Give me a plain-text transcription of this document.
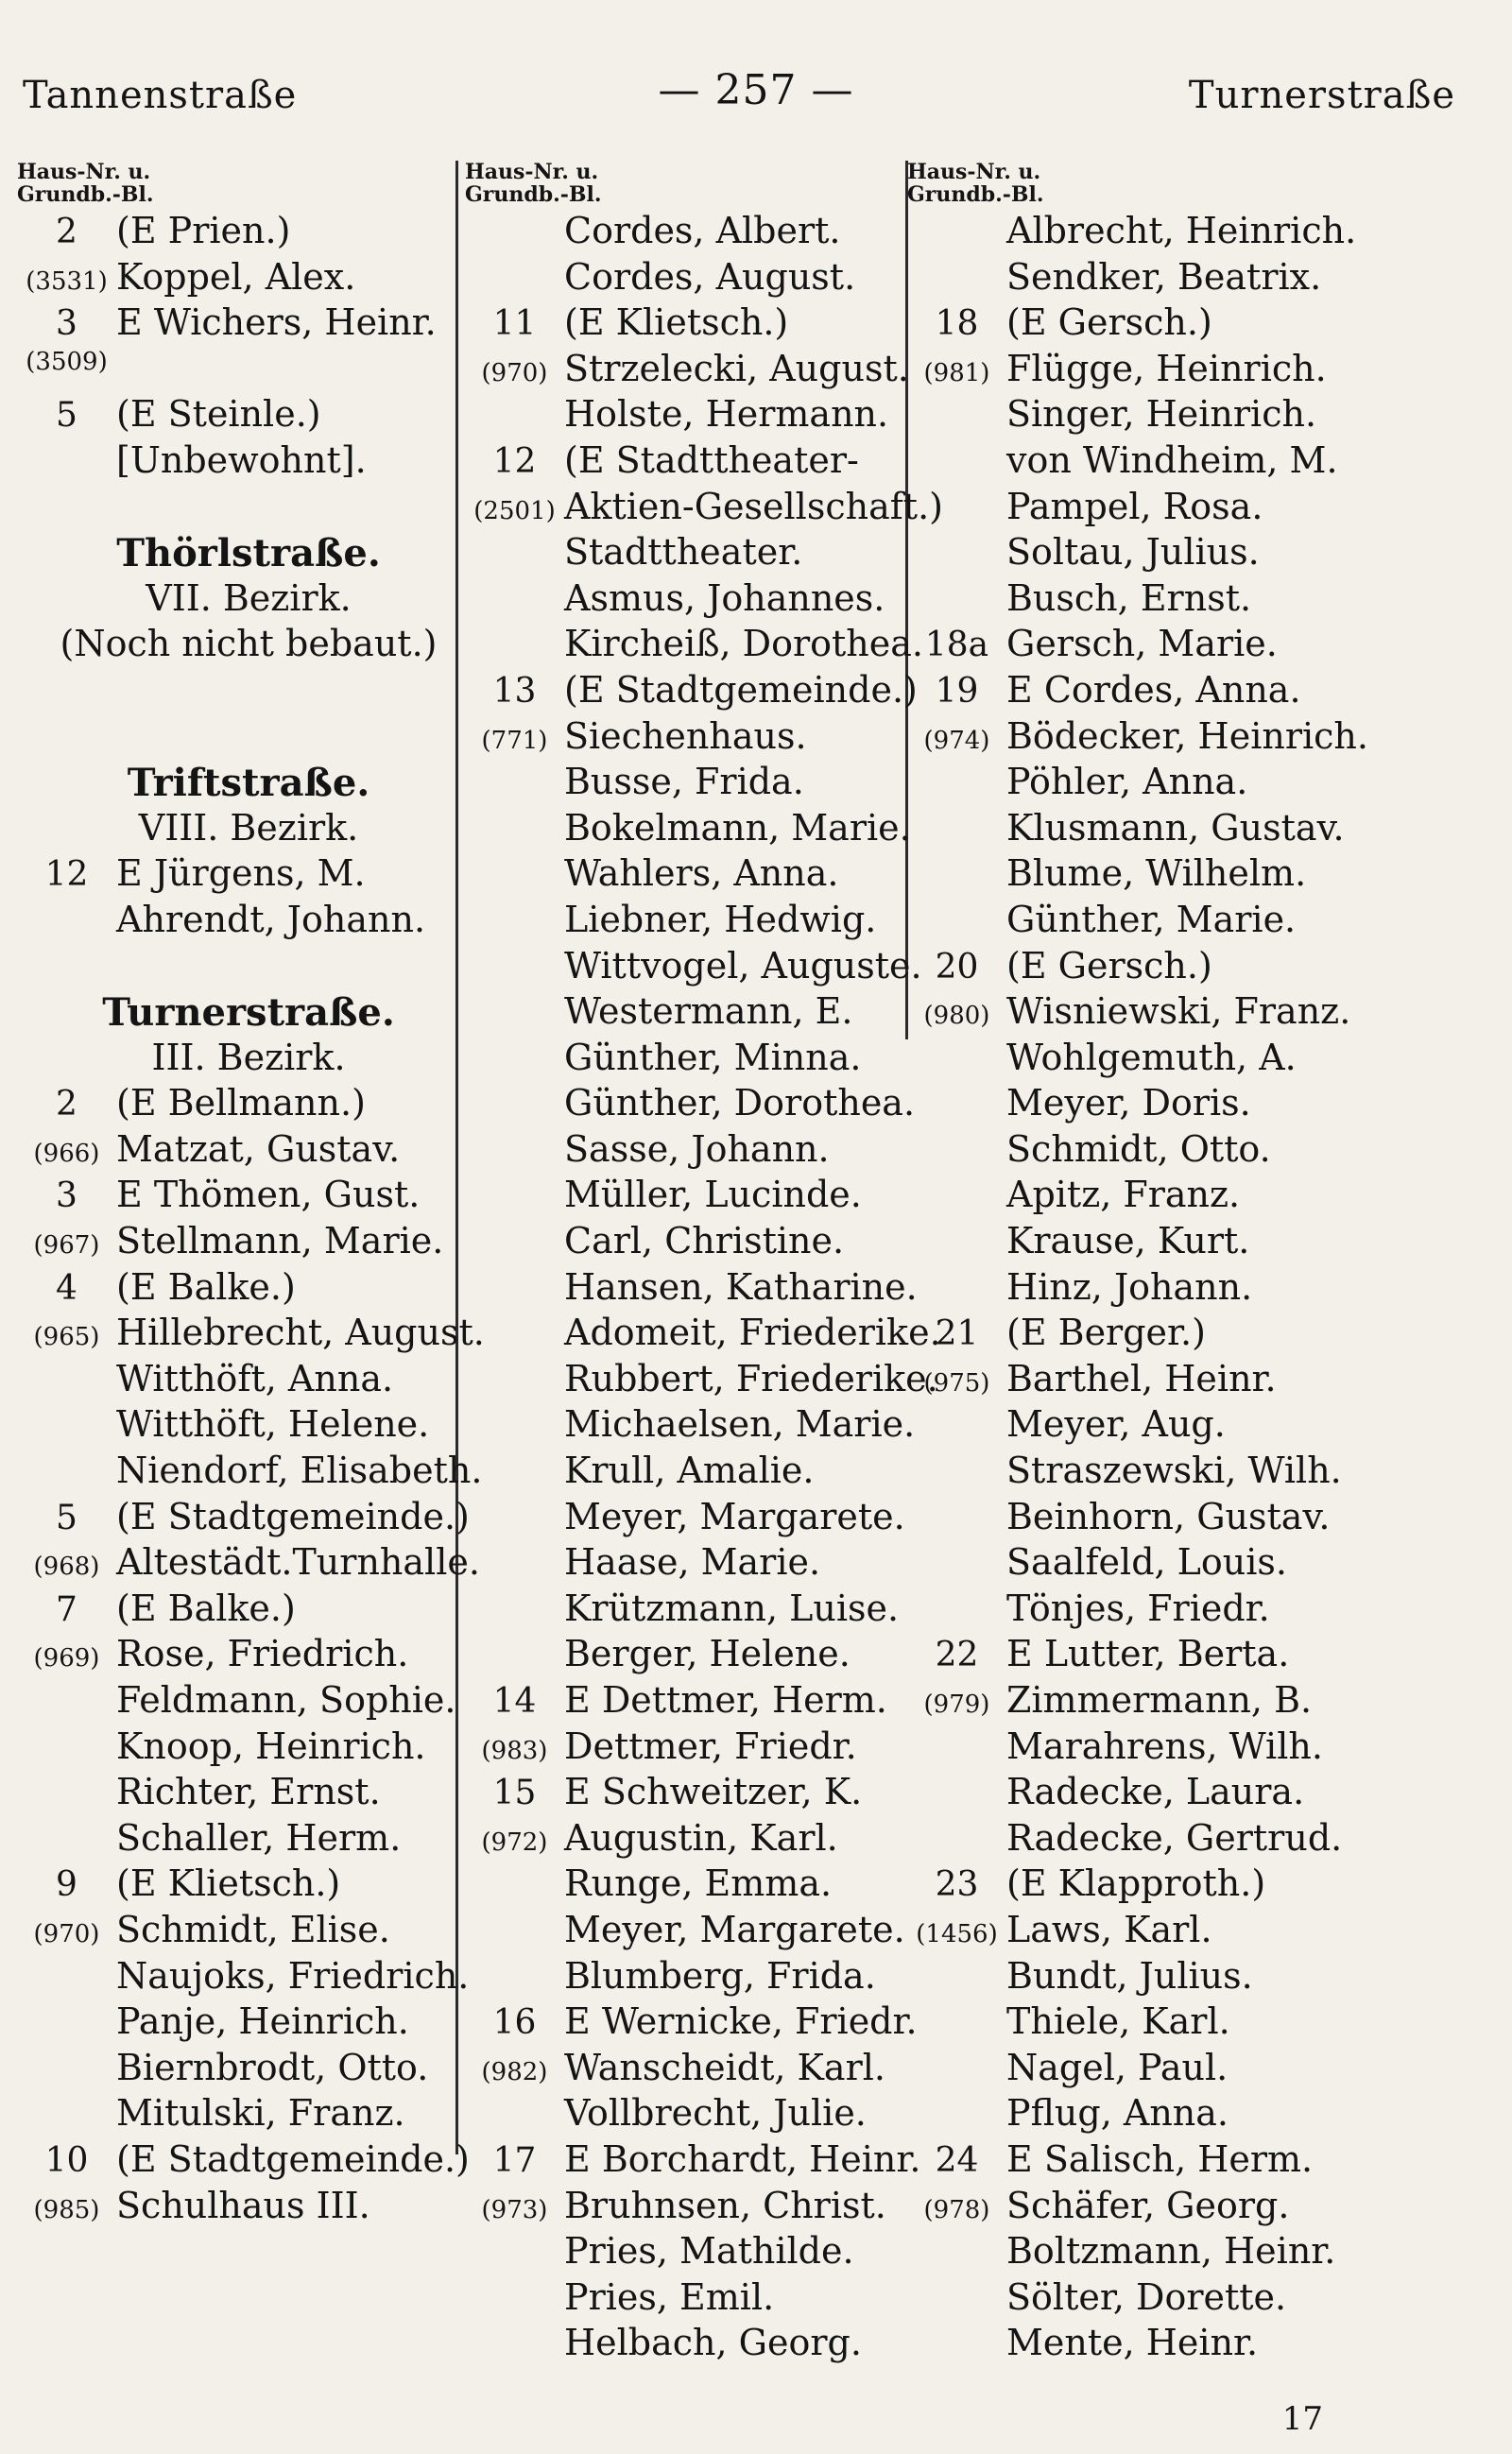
Tannenstraße	— 257 —	Turnerstraße
Haus-Nr. u.
Grundb.-Bl.
2	(E Prien.)
(3531) Koppel, Alex.
3	E Wichers, Heinr.
(3509)
5	(E Steinle.)
[Unbewohnt].
Thörlstraße.
VII. Bezirk.
(Noch nicht bebaut.)
Triftstraße.
VIII. Bezirk.
12 E Jürgens, M.
Ahrendt, Johann.
Turnerstraße.
III. Bezirk.
2	(E Bellmann.)
(966) Matzat, Gustav.
3	E Thömen, Gust.
(967) Stellmann, Marie.
4	(E Balke.)
(965) Hillebrecht, August.
Witthöft, Anna.
Witthöft, Helene.
Niendorf, Elisabeth.
5	(E Stadtgemeinde.)
(968) Altestädt.Turnhalle.
7	(E Balke.)
(969) Rose, Friedrich.
Feldmann, Sophie.
Knoop, Heinrich.
Richter, Ernst.
Schaller, Herm.
9	(E Klietsch.)
(970) Schmidt, Elise.
Naujoks, Friedrich.
Panje, Heinrich.
Biernbrodt, Otto.
Mitulski, Franz.
10 (E Stadtgemeinde.)
(985) Schulhaus III.
Haus-Nr. u.
Grundb.-Bl.
Cordes, Albert.
Cordes, August.
11 (E Klietsch.)
(970) Strzelecki, August.
Holste, Hermann.
12 (E Stadttheater-
(2501) Aktien-Gesellschaft.)
Stadttheater.
Asmus, Johannes.
Kircheiß, Dorothea.
13 (E Stadtgemeinde.)
(771) Siechenhaus.
Busse, Frida.
Bokelmann, Marie.
Wahlers, Anna.
Liebner, Hedwig.
Wittvogel, Auguste.
Westermann, E.
Günther, Minna.
Günther, Dorothea.
Sasse, Johann.
Müller, Lucinde.
Carl, Christine.
Hansen, Katharine.
Adomeit, Friederike.
Rubbert, Friederike.
Michaelsen, Marie.
Krull, Amalie.
Meyer, Margarete.
Haase, Marie.
Krützmann, Luise.
Berger, Helene.
14 E Dettmer, Herm.
(983) Dettmer, Friedr.
15 E Schweitzer, K.
(972) Augustin, Karl.
Runge, Emma.
Meyer, Margarete.
Blumberg, Frida.
16 E Wernicke, Friedr.
(982) Wanscheidt, Karl.
Vollbrecht, Julie.
17 E Borchardt, Heinr.
(973) Bruhnsen, Christ.
Pries, Mathilde.
Pries, Emil.
Helbach, Georg.
Haus-Nr. u.
Grundb.-Bl.
Albrecht, Heinrich.
Sendker, Beatrix.
18 (E Gersch.)
(981) Flügge, Heinrich.
Singer, Heinrich.
von Windheim, M.
Pampel, Rosa.
Soltau, Julius.
Busch, Ernst.
18a Gersch, Marie.
19 E Cordes, Anna.
(974) Bödecker, Heinrich.
Pöhler, Anna.
Klusmann, Gustav.
Blume, Wilhelm.
Günther, Marie.
20 (E Gersch.)
(980) Wisniewski, Franz.
Wohlgemuth, A.
Meyer, Doris.
Schmidt, Otto.
Apitz, Franz.
Krause, Kurt.
Hinz, Johann.
21 (E Berger.)
(975) Barthel, Heinr.
Meyer, Aug.
Straszewski, Wilh.
Beinhorn, Gustav.
Saalfeld, Louis.
Tönjes, Friedr.
22 E Lutter, Berta.
(979) Zimmermann, B.
Marahrens, Wilh.
Radecke, Laura.
Radecke, Gertrud.
23 (E Klapproth.)
(1456) Laws, Karl.
Bundt, Julius.
Thiele, Karl.
Nagel, Paul.
Pflug, Anna.
24 E Salisch, Herm.
(978) Schäfer, Georg.
Boltzmann, Heinr.
Sölter, Dorette.
Mente, Heinr.
17
